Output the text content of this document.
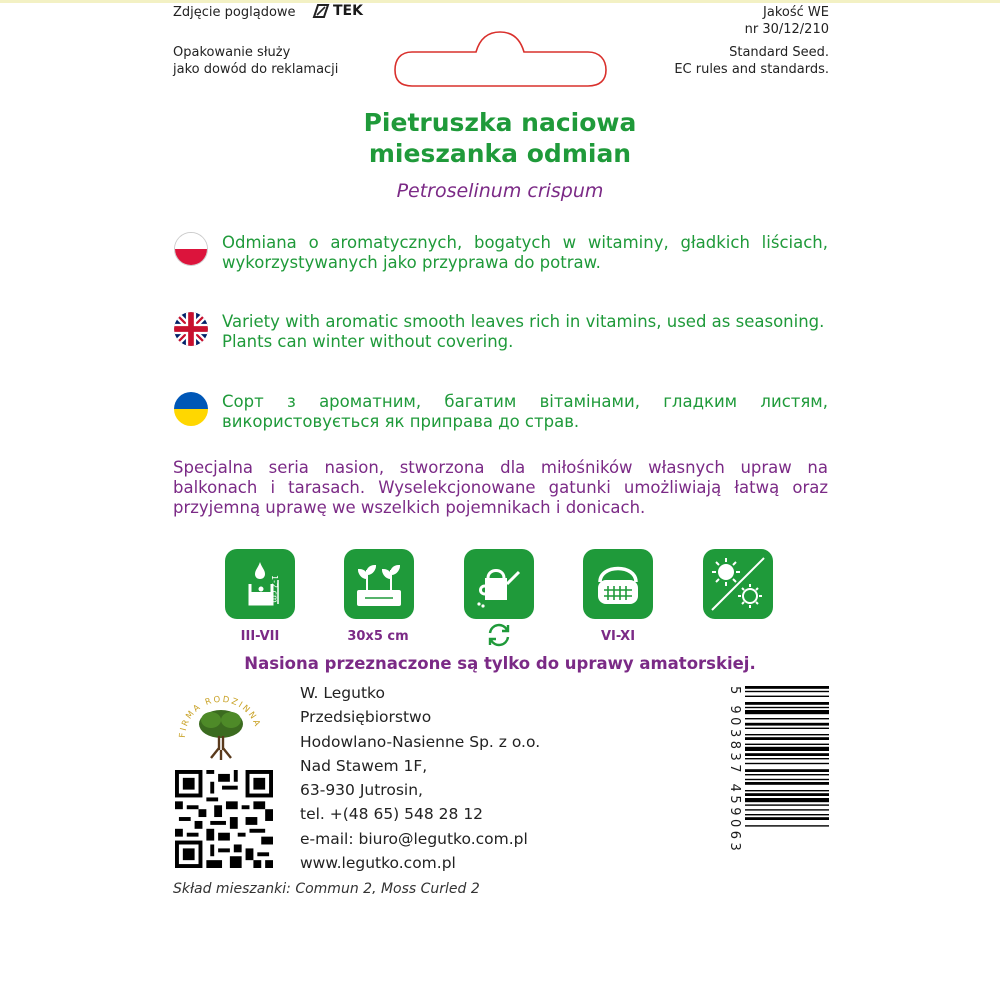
Zdjęcie poglądowe	TEK
Opakowanie służy
jako dowód do reklamacji
Jakość WE
nr 30/12/210
Standard Seed.
EC rules and standards.
Pietruszka naciowa
mieszanka odmian
Petroselinum crispum
Odmiana o aromatycznych, bogatych w witaminy, gładkich liściach, wykorzystywanych jako przyprawa do potraw.
Variety with aromatic smooth leaves rich in vitamins, used as seasoning. Plants can winter without covering.
Сорт з ароматним, багатим вітамінами, гладким листям, використовується як приправа до страв.
Specjalna seria nasion, stworzona dla miłośników własnych upraw na balkonach i tarasach. Wyselekcjonowane gatunki umożliwiają łatwą oraz przyjemną uprawę we wszelkich pojemnikach i donicach.
1-2 cm
III-VII	30x5 cm	VI-XI
Nasiona przeznaczone są tylko do uprawy amatorskiej.
FIRMA RODZINNA
W. Legutko
Przedsiębiorstwo
Hodowlano-Nasienne Sp. z o.o.
Nad Stawem 1F,
63-930 Jutrosin,
tel. +(48 65) 548 28 12
e-mail: biuro@legutko.com.pl
www.legutko.com.pl
5 903837 459063
Skład mieszanki: Commun 2, Moss Curled 2
